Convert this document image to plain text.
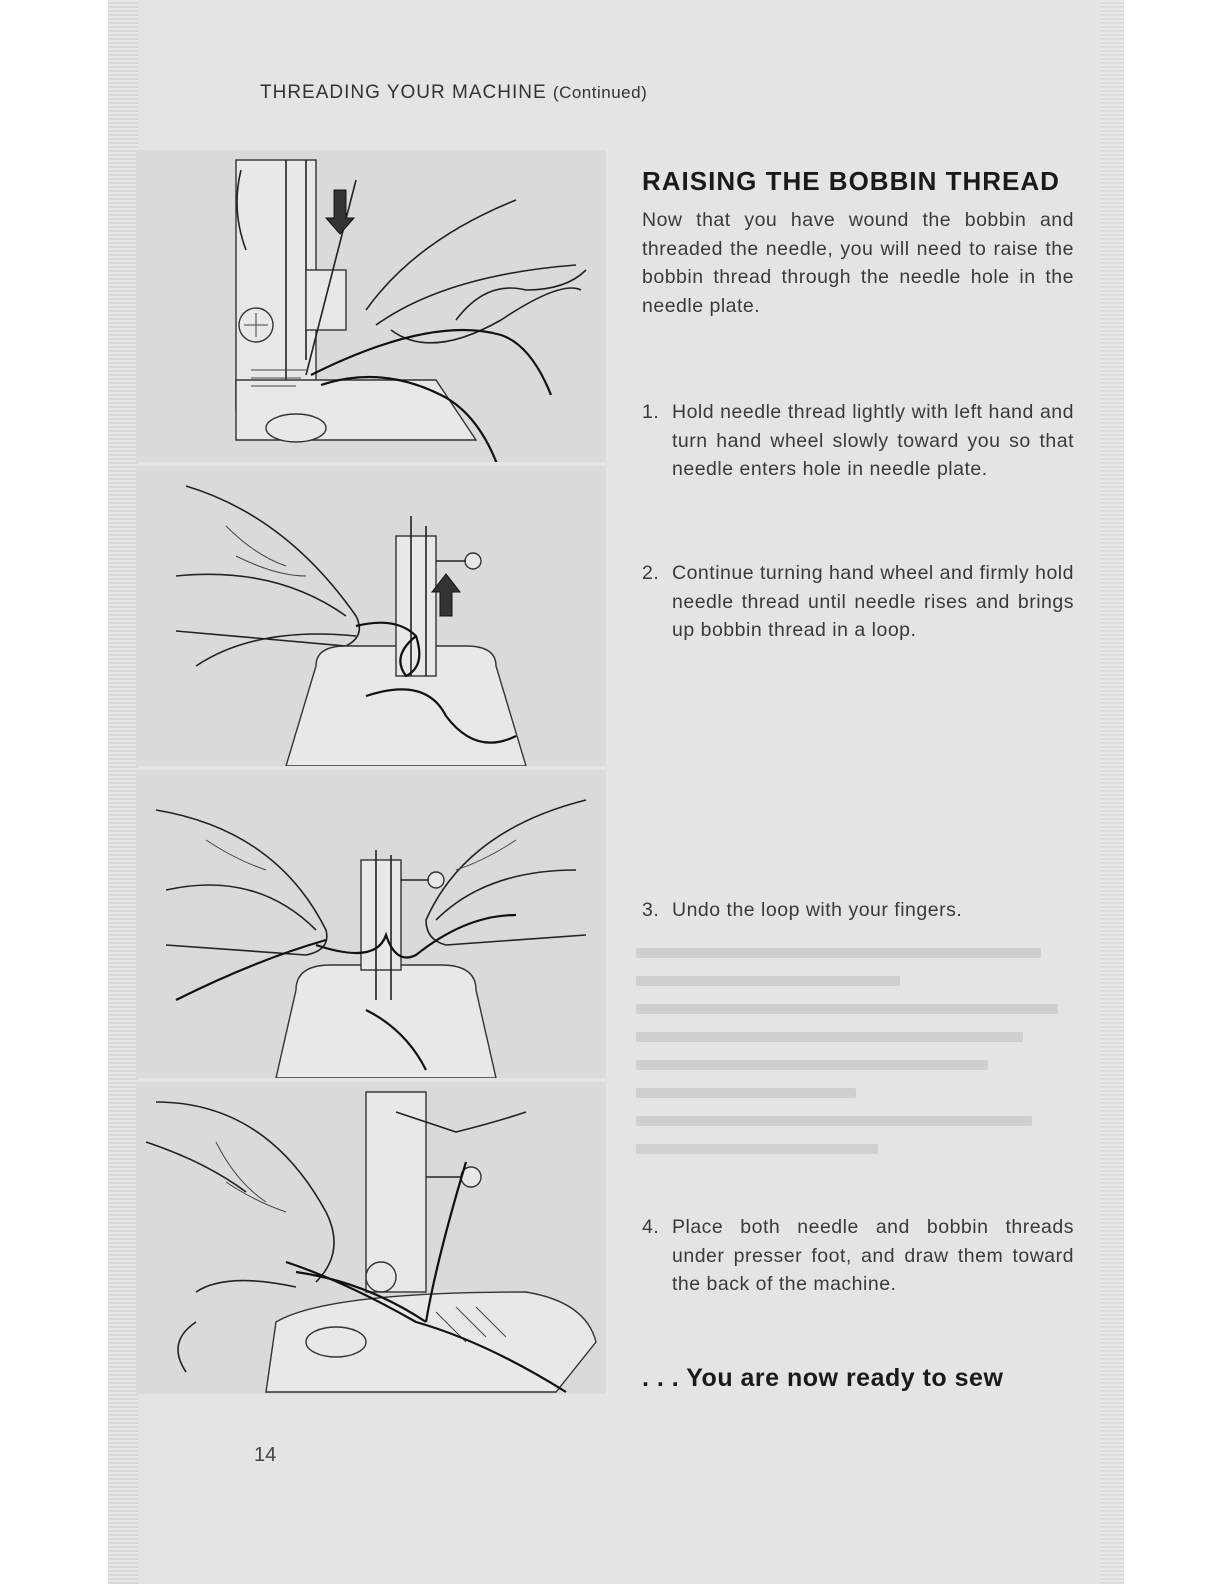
THREADING YOUR MACHINE (Continued)
RAISING THE BOBBIN THREAD
Now that you have wound the bobbin and threaded the needle, you will need to raise the bobbin thread through the needle hole in the needle plate.
1. Hold needle thread lightly with left hand and turn hand wheel slowly toward you so that needle enters hole in needle plate.
2. Continue turning hand wheel and firmly hold needle thread until needle rises and brings up bobbin thread in a loop.
3. Undo the loop with your fingers.
4. Place both needle and bobbin threads under presser foot, and draw them toward the back of the machine.
. . . You are now ready to sew
14
